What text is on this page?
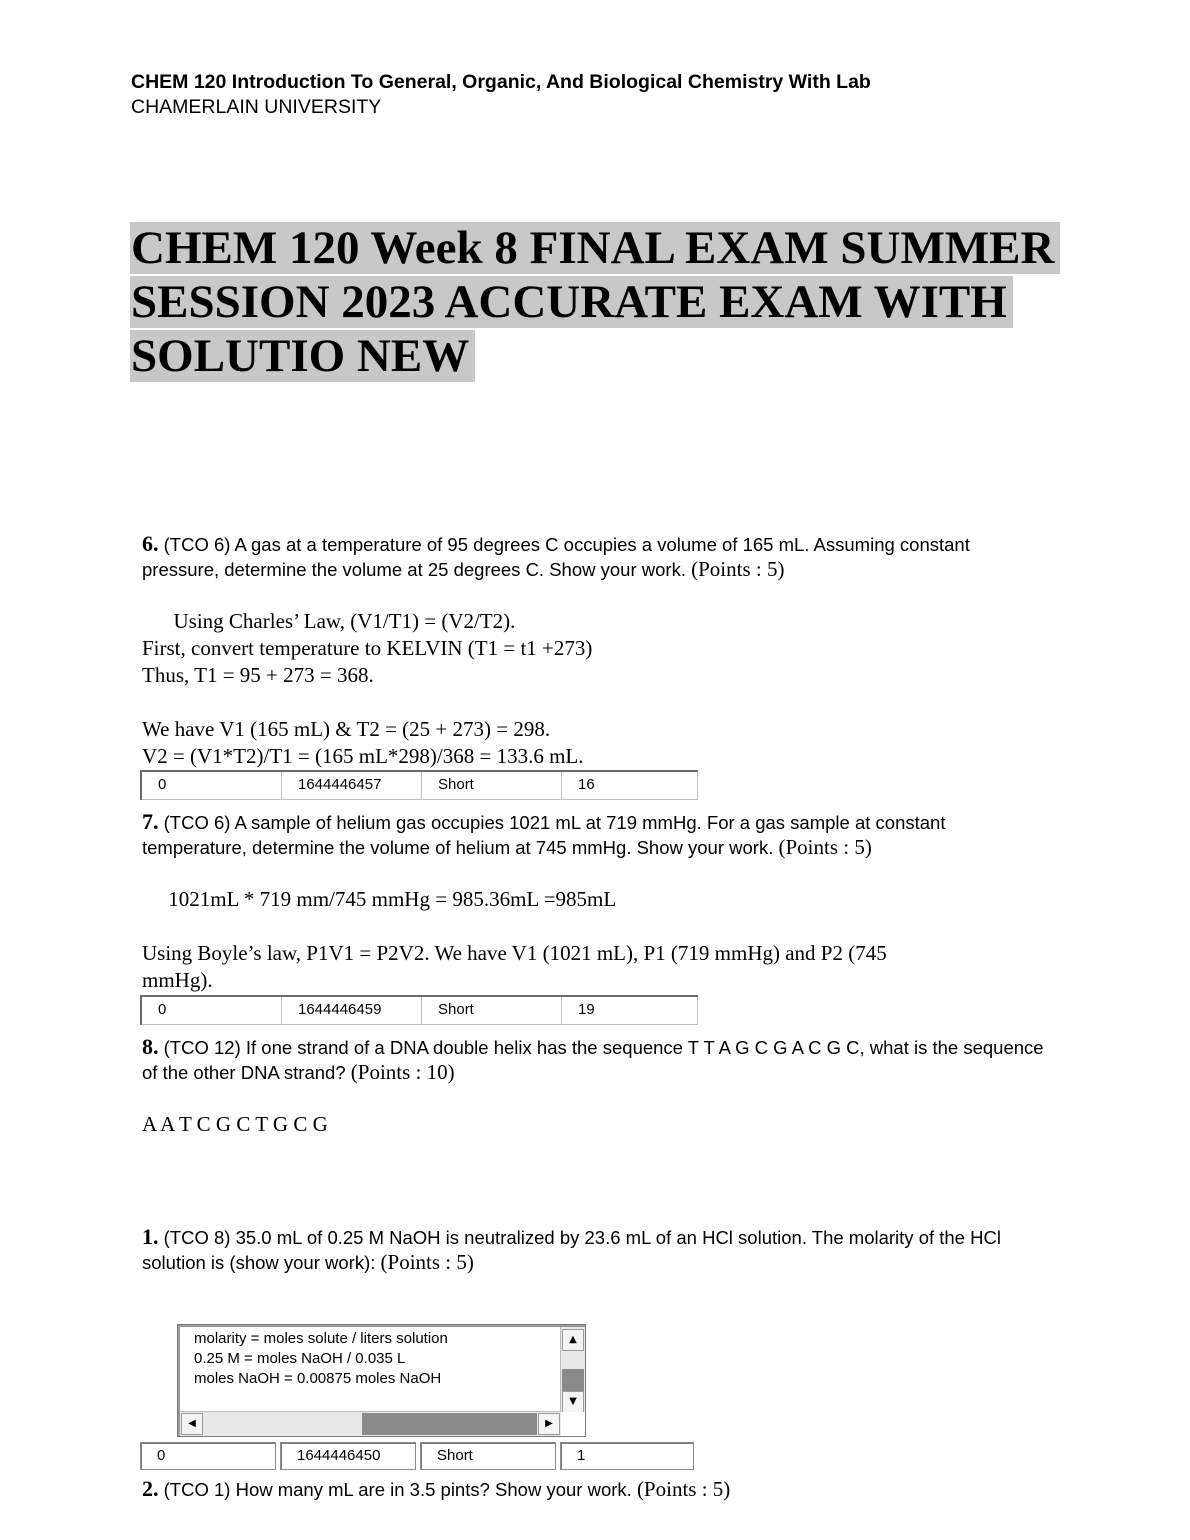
CHEM 120 Introduction To General, Organic, And Biological Chemistry With Lab
CHAMERLAIN UNIVERSITY
CHEM 120 Week 8 FINAL EXAM SUMMER
SESSION 2023 ACCURATE EXAM WITH
SOLUTIO NEW
6. (TCO 6) A gas at a temperature of 95 degrees C occupies a volume of 165 mL. Assuming constant pressure, determine the volume at 25 degrees C. Show your work. (Points : 5)
Using Charles’ Law, (V1/T1) = (V2/T2).
First, convert temperature to KELVIN (T1 = t1 +273)
Thus, T1 = 95 + 273 = 368.
We have V1 (165 mL) & T2 = (25 + 273) = 298.
V2 = (V1*T2)/T1 = (165 mL*298)/368 = 133.6 mL.
0	1644446457	Short	16
7. (TCO 6) A sample of helium gas occupies 1021 mL at 719 mmHg. For a gas sample at constant temperature, determine the volume of helium at 745 mmHg. Show your work. (Points : 5)
1021mL * 719 mm/745 mmHg = 985.36mL =985mL
Using Boyle’s law, P1V1 = P2V2. We have V1 (1021 mL), P1 (719 mmHg) and P2 (745
mmHg).
0	1644446459	Short	19
8. (TCO 12) If one strand of a DNA double helix has the sequence T T A G C G A C G C, what is the sequence of the other DNA strand? (Points : 10)
A A T C G C T G C G
1. (TCO 8) 35.0 mL of 0.25 M NaOH is neutralized by 23.6 mL of an HCl solution. The molarity of the HCl solution is (show your work): (Points : 5)
molarity = moles solute / liters solution
0.25 M = moles NaOH / 0.035 L
moles NaOH = 0.00875 moles NaOH
▲
▼
◀	▶
0	1644446450	Short	1
2. (TCO 1) How many mL are in 3.5 pints? Show your work. (Points : 5)
